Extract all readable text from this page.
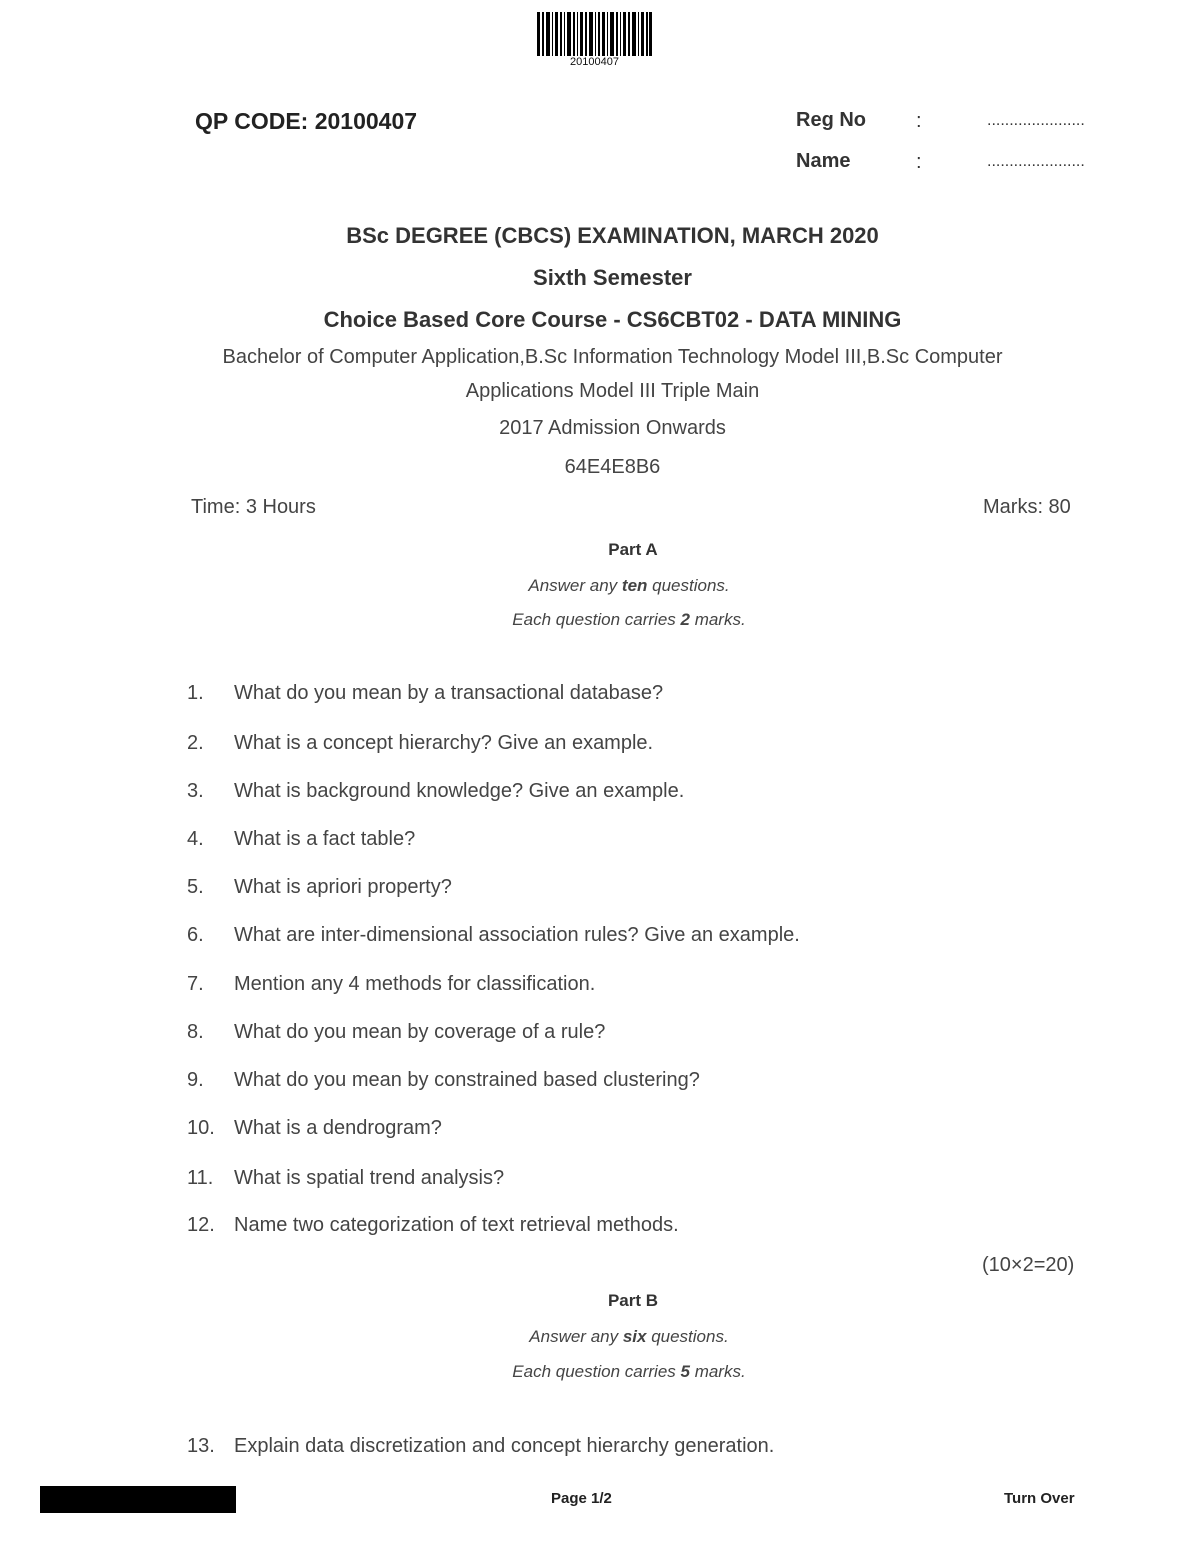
20100407
QP CODE: 20100407	Reg No	:	......................
Name	:	......................
BSc DEGREE (CBCS) EXAMINATION, MARCH 2020
Sixth Semester
Choice Based Core Course - CS6CBT02 - DATA MINING
Bachelor of Computer Application,B.Sc Information Technology Model III,B.Sc Computer
Applications Model III Triple Main
2017 Admission Onwards
64E4E8B6
Time: 3 Hours	Marks: 80
Part A
Answer any ten questions.
Each question carries 2 marks.
1. What do you mean by a transactional database?
2. What is a concept hierarchy? Give an example.
3. What is background knowledge? Give an example.
4. What is a fact table?
5. What is apriori property?
6. What are inter-dimensional association rules? Give an example.
7. Mention any 4 methods for classification.
8. What do you mean by coverage of a rule?
9. What do you mean by constrained based clustering?
10. What is a dendrogram?
11. What is spatial trend analysis?
12. Name two categorization of text retrieval methods.
(10×2=20)
Part B
Answer any six questions.
Each question carries 5 marks.
13. Explain data discretization and concept hierarchy generation.
Page 1/2	Turn Over
